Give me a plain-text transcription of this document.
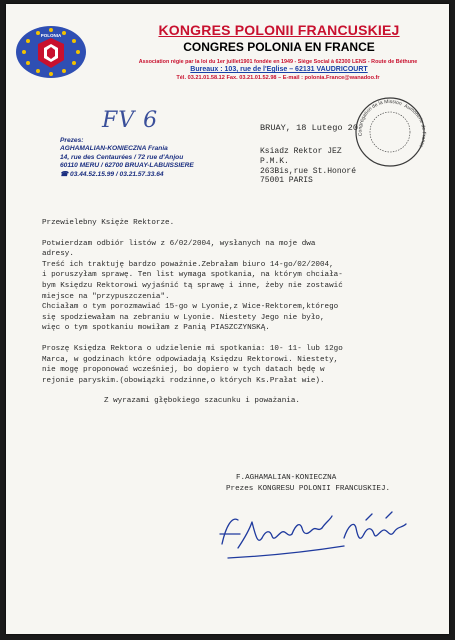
POLONIA	KONGRES POLONII FRANCUSKIEJ
CONGRES POLONIA EN FRANCE
Association régie par la loi du 1er juillet1901 fondée en 1949 - Siège Social à 62300 LENS - Route de Béthune
Bureaux : 103, rue de l'Eglise – 62131 VAUDRICOURT
Tél. 03.21.01.58.12 Fax. 03.21.01.52.98 – E-mail : polonia.France@wanadoo.fr
FV 6
Prezes:
AGHAMALIAN-KONIECZNA Frania
14, rue des Centaurées / 72 rue d'Anjou
60110 MERU / 62700 BRUAY-LABUISSIERE
☎ 03.44.52.15.99 / 03.21.57.33.64
Congrégation de la Mission Aumônerie de France
BRUAY, 18 Lutego 20
Ksiadz Rektor JEZ
P.M.K.
263Bis,rue St.Honoré
75001 PARIS
Przewielebny Księże Rektorze.
Potwierdzam odbiór listów z 6/02/2004, wysłanych na moje dwa
adresy.
Treść ich traktuję bardzo poważnie.Zebrałam biuro 14-go/02/2004,
i poruszyłam sprawę. Ten list wymaga spotkania, na którym chciała-
bym Księdzu Rektorowi wyjaśnić tą sprawę i inne, żeby nie zostawić
miejsce na "przypuszczenia".
Chciałam o tym porozmawiać 15-go w Lyonie,z Wice-Rektorem,którego
się spodziewałam na zebraniu w Lyonie. Niestety Jego nie było,
więc o tym spotkaniu mowiłam z Panią PIASZCZYNSKĄ.
Proszę Księdza Rektora o udzielenie mi spotkania: 10- 11- lub 12go
Marca, w godzinach które odpowiadają Księdzu Rektorowi. Niestety,
nie mogę proponować wcześniej, bo dopiero w tych datach będę w
rejonie paryskim.(obowiązki rodzinne,o których Ks.Prałat wie).
Z wyrazami głębokiego szacunku i poważania.
F.AGHAMALIAN-KONIECZNA
Prezes KONGRESU POLONII FRANCUSKIEJ.
